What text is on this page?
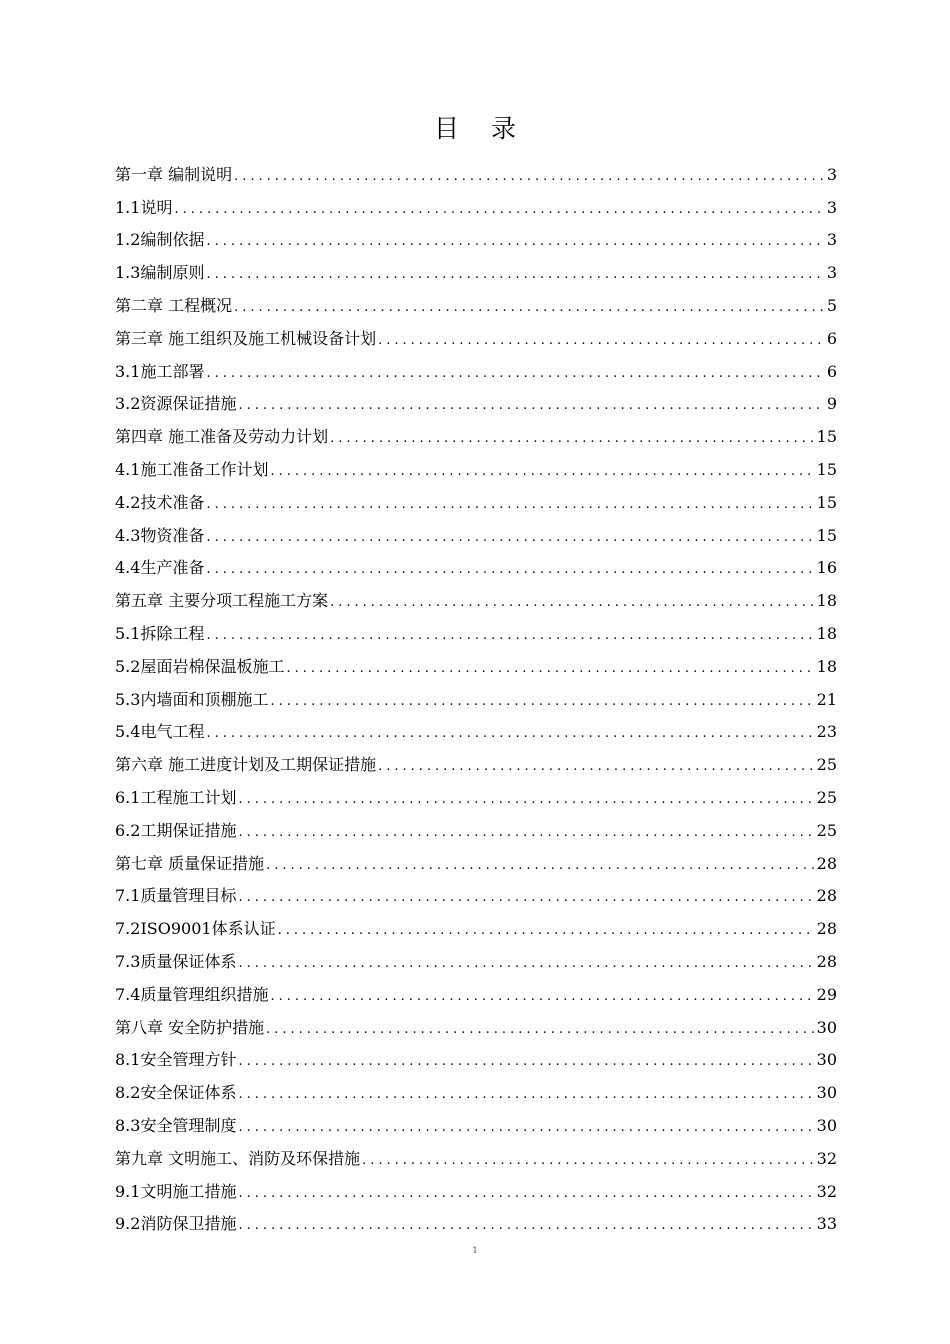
目 录
第一章 编制说明 .....	3
1.1说明 .....	3
1.2编制依据 .....	3
1.3编制原则 .....	3
第二章 工程概况 .....	5
第三章 施工组织及施工机械设备计划 .....	6
3.1施工部署 .....	6
3.2资源保证措施 .....	9
第四章 施工准备及劳动力计划 .....	15
4.1施工准备工作计划 .....	15
4.2技术准备 .....	15
4.3物资准备 .....	15
4.4生产准备 .....	16
第五章 主要分项工程施工方案 .....	18
5.1拆除工程 .....	18
5.2屋面岩棉保温板施工 .....	18
5.3内墙面和顶棚施工 .....	21
5.4电气工程 .....	23
第六章 施工进度计划及工期保证措施 .....	25
6.1工程施工计划 .....	25
6.2工期保证措施 .....	25
第七章 质量保证措施 .....	28
7.1质量管理目标 .....	28
7.2ISO9001体系认证 .....	28
7.3质量保证体系 .....	28
7.4质量管理组织措施 .....	29
第八章 安全防护措施 .....	30
8.1安全管理方针 .....	30
8.2安全保证体系 .....	30
8.3安全管理制度 .....	30
第九章 文明施工、消防及环保措施 .....	32
9.1文明施工措施 .....	32
9.2消防保卫措施 .....	33
1
